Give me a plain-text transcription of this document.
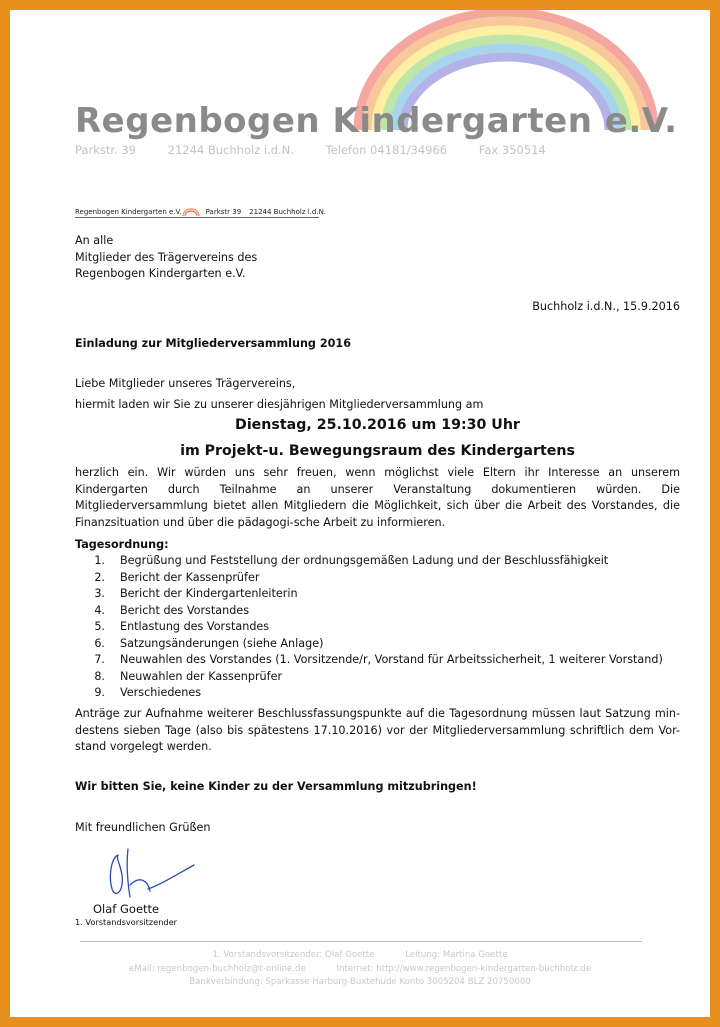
Regenbogen Kindergarten e.V.
Parkstr. 39	21244 Buchholz i.d.N.	Telefon 04181/34966	Fax 350514
Regenbogen Kindergarten e.V.	Parkstr 39 21244 Buchholz i.d.N.
An alle
Mitglieder des Trägervereins des
Regenbogen Kindergarten e.V.
Buchholz i.d.N., 15.9.2016
Einladung zur Mitgliederversammlung 2016
Liebe Mitglieder unseres Trägervereins,
hiermit laden wir Sie zu unserer diesjährigen Mitgliederversammlung am
Dienstag, 25.10.2016 um 19:30 Uhr
im Projekt-u. Bewegungsraum des Kindergartens
herzlich ein. Wir würden uns sehr freuen, wenn möglichst viele Eltern ihr Interesse an unserem Kindergarten durch Teilnahme an unserer Veranstaltung dokumentieren würden. Die Mitgliederversammlung bietet allen Mitgliedern die Möglichkeit, sich über die Arbeit des Vorstandes, die Finanzsituation und über die pädagogi-sche Arbeit zu informieren.
Tagesordnung:
1. Begrüßung und Feststellung der ordnungsgemäßen Ladung und der Beschlussfähigkeit
2. Bericht der Kassenprüfer
3. Bericht der Kindergartenleiterin
4. Bericht des Vorstandes
5. Entlastung des Vorstandes
6. Satzungsänderungen (siehe Anlage)
7. Neuwahlen des Vorstandes (1. Vorsitzende/r, Vorstand für Arbeitssicherheit, 1 weiterer Vorstand)
8. Neuwahlen der Kassenprüfer
9. Verschiedenes
Anträge zur Aufnahme weiterer Beschlussfassungspunkte auf die Tagesordnung müssen laut Satzung min-destens sieben Tage (also bis spätestens 17.10.2016) vor der Mitgliederversammlung schriftlich dem Vor-stand vorgelegt werden.
Wir bitten Sie, keine Kinder zu der Versammlung mitzubringen!
Mit freundlichen Grüßen
Olaf Goette
1. Vorstandsvorsitzender
1. Vorstandsvorsitzender: Olaf Goette	Leitung: Martina Goette
eMail: regenbogen-buchholz@t-online.de	Internet: http://www.regenbogen-kindergarten-buchholz.de
Bankverbindung: Sparkasse Harburg-Buxtehude Konto 3005204 BLZ 20750000
